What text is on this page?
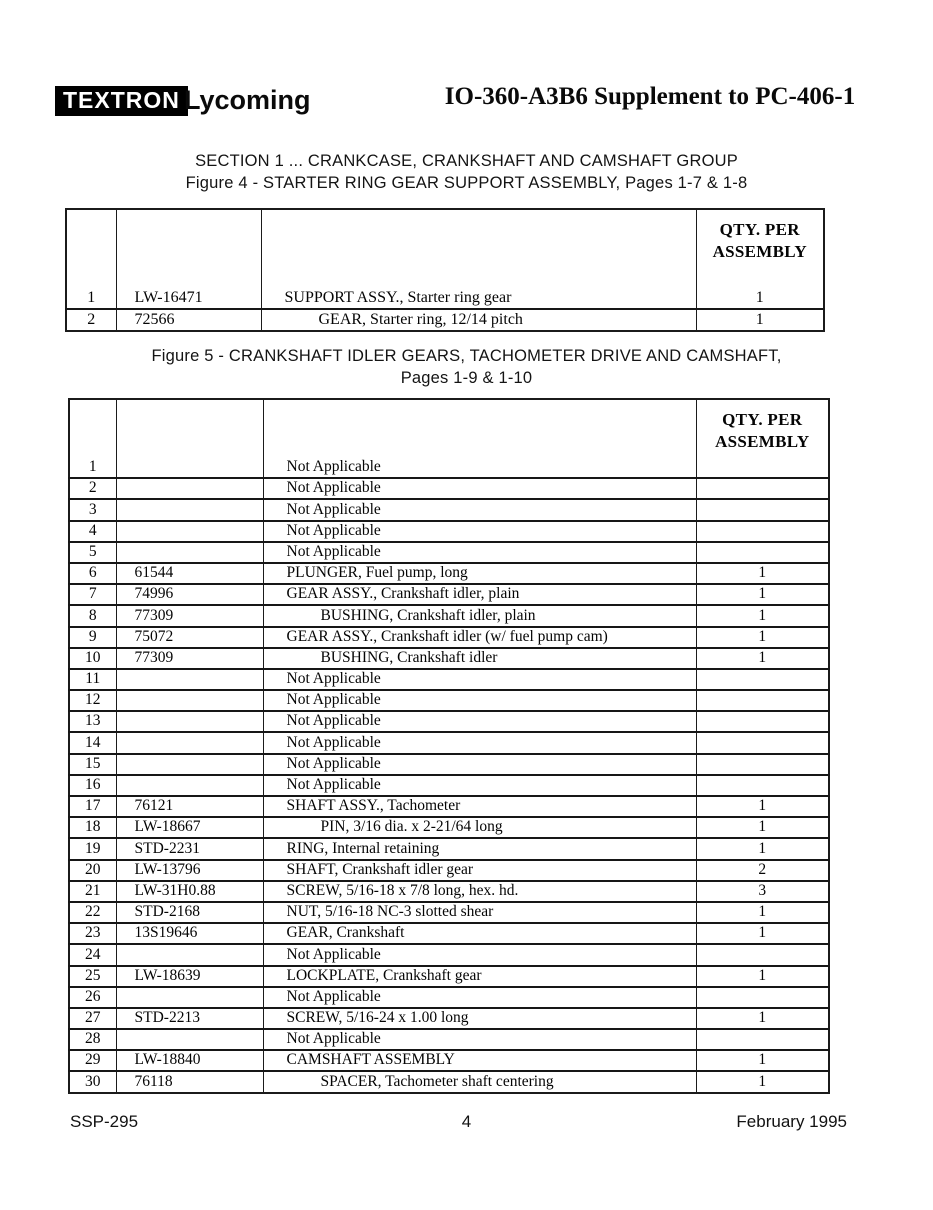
TEXTRON Lycoming	IO-360-A3B6 Supplement to PC-406-1
SECTION 1 ... CRANKCASE, CRANKSHAFT AND CAMSHAFT GROUP
Figure 4 - STARTER RING GEAR SUPPORT ASSEMBLY, Pages 1-7 & 1-8

			QTY. PER
ASSEMBLY

1	LW-16471	SUPPORT ASSY., Starter ring gear	1
2	72566	GEAR, Starter ring, 12/14 pitch	1
Figure 5 - CRANKSHAFT IDLER GEARS, TACHOMETER DRIVE AND CAMSHAFT,
Pages 1-9 & 1-10

			QTY. PER
ASSEMBLY

1		Not Applicable	
2		Not Applicable	
3		Not Applicable	
4		Not Applicable	
5		Not Applicable	
6	61544	PLUNGER, Fuel pump, long	1
7	74996	GEAR ASSY., Crankshaft idler, plain	1
8	77309	BUSHING, Crankshaft idler, plain	1
9	75072	GEAR ASSY., Crankshaft idler (w/ fuel pump cam)	1
10	77309	BUSHING, Crankshaft idler	1
11		Not Applicable	
12		Not Applicable	
13		Not Applicable	
14		Not Applicable	
15		Not Applicable	
16		Not Applicable	
17	76121	SHAFT ASSY., Tachometer	1
18	LW-18667	PIN, 3/16 dia. x 2-21/64 long	1
19	STD-2231	RING, Internal retaining	1
20	LW-13796	SHAFT, Crankshaft idler gear	2
21	LW-31H0.88	SCREW, 5/16-18 x 7/8 long, hex. hd.	3
22	STD-2168	NUT, 5/16-18 NC-3 slotted shear	1
23	13S19646	GEAR, Crankshaft	1
24		Not Applicable	
25	LW-18639	LOCKPLATE, Crankshaft gear	1
26		Not Applicable	
27	STD-2213	SCREW, 5/16-24 x 1.00 long	1
28		Not Applicable	
29	LW-18840	CAMSHAFT ASSEMBLY	1
30	76118	SPACER, Tachometer shaft centering	1
SSP-295	4	February 1995
